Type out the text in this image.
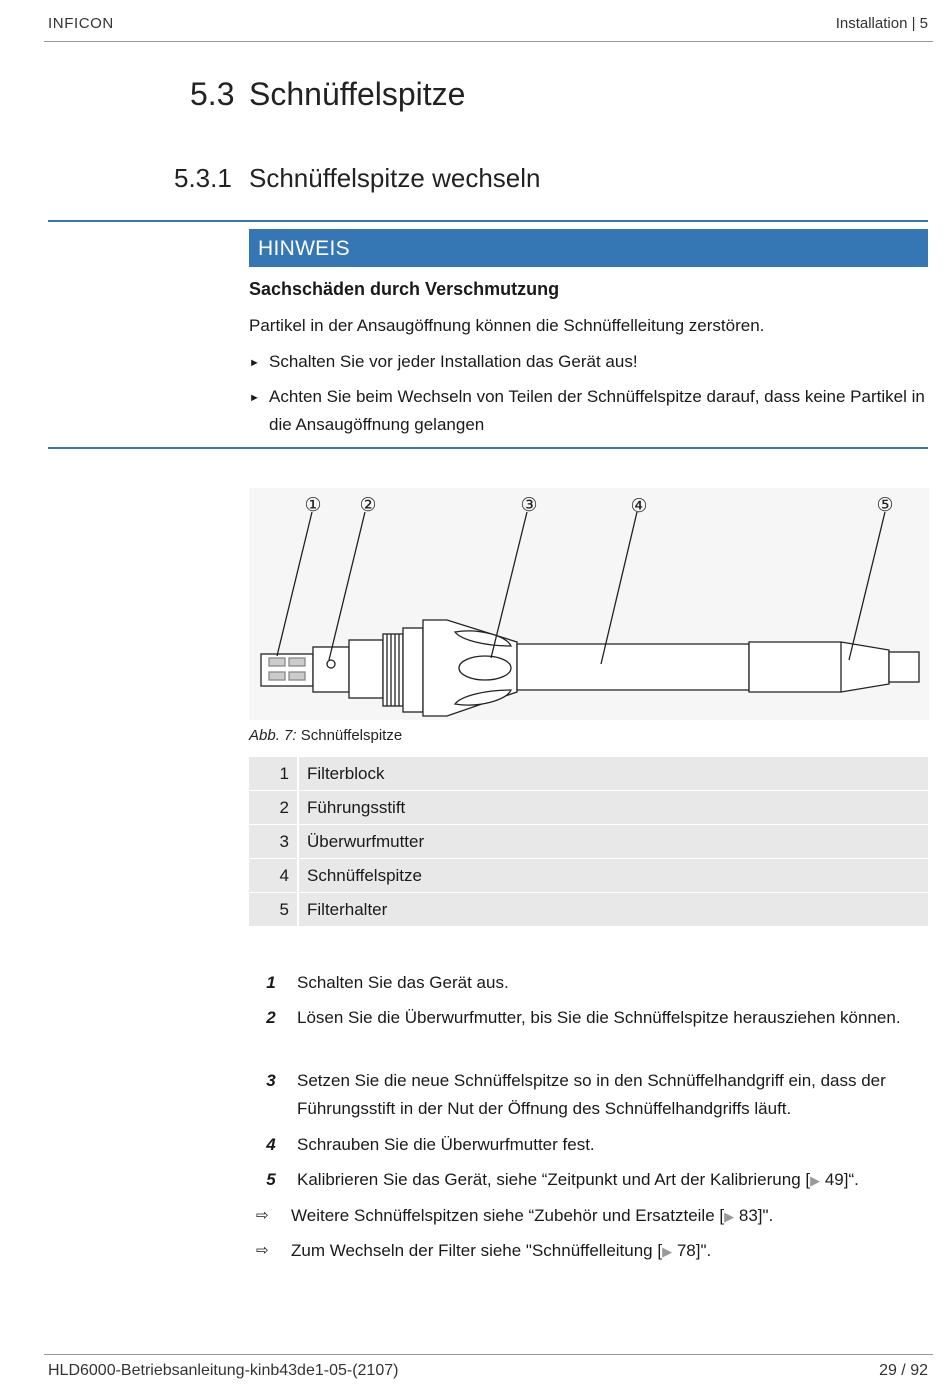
INFICON	Installation | 5
5.3 Schnüffelspitze
5.3.1 Schnüffelspitze wechseln
HINWEIS
Sachschäden durch Verschmutzung
Partikel in der Ansaugöffnung können die Schnüffelleitung zerstören.
► Schalten Sie vor jeder Installation das Gerät aus!
► Achten Sie beim Wechseln von Teilen der Schnüffelspitze darauf, dass keine Partikel in die Ansaugöffnung gelangen
① ②	③	④	⑤
Abb. 7: Schnüffelspitze
1	Filterblock
2	Führungsstift
3	Überwurfmutter
4	Schnüffelspitze
5	Filterhalter
1 Schalten Sie das Gerät aus.
2 Lösen Sie die Überwurfmutter, bis Sie die Schnüffelspitze herausziehen können.
3 Setzen Sie die neue Schnüffelspitze so in den Schnüffelhandgriff ein, dass der Führungsstift in der Nut der Öffnung des Schnüffelhandgriffs läuft.
4 Schrauben Sie die Überwurfmutter fest.
5 Kalibrieren Sie das Gerät, siehe “Zeitpunkt und Art der Kalibrierung [▶ 49]“.
⇨ Weitere Schnüffelspitzen siehe “Zubehör und Ersatzteile [▶ 83]".
⇨ Zum Wechseln der Filter siehe "Schnüffelleitung [▶ 78]".
HLD6000-Betriebsanleitung-kinb43de1-05-(2107)	29 / 92
